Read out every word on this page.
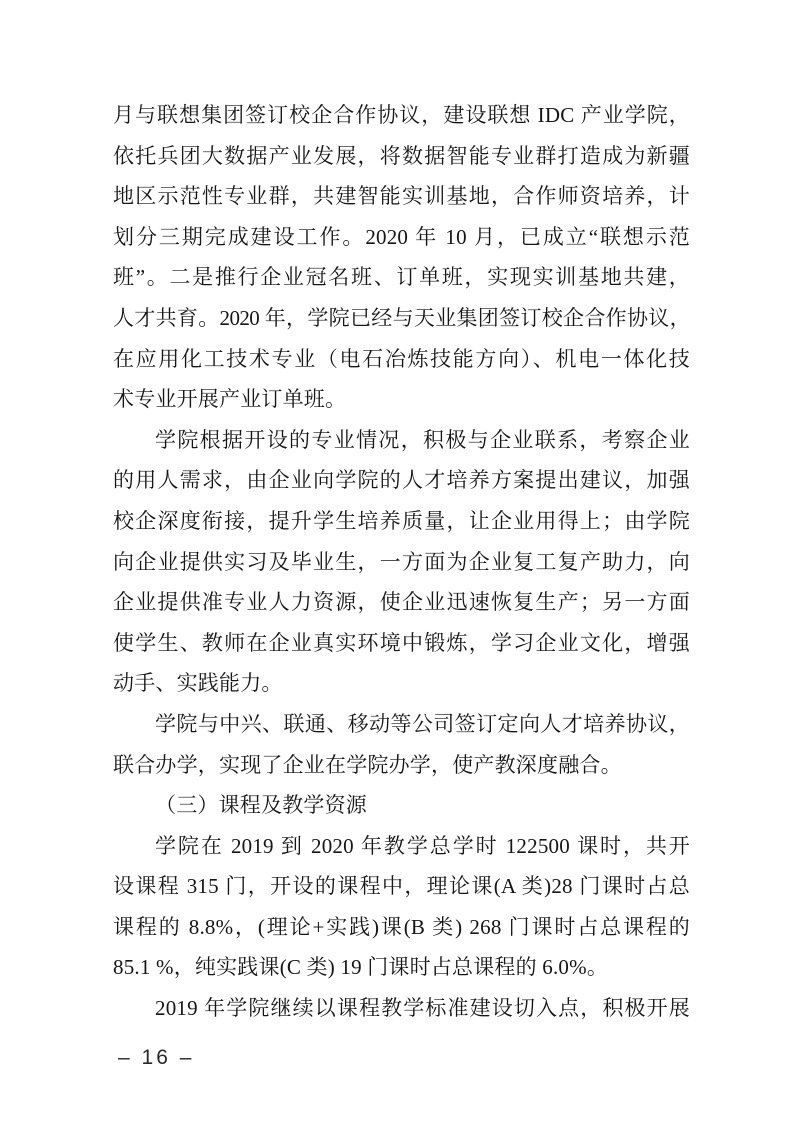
月与联想集团签订校企合作协议，建设联想 IDC 产业学院，
依托兵团大数据产业发展，将数据智能专业群打造成为新疆
地区示范性专业群，共建智能实训基地，合作师资培养，计
划分三期完成建设工作。2020 年 10 月，已成立“联想示范
班”。二是推行企业冠名班、订单班，实现实训基地共建，
人才共育。2020 年，学院已经与天业集团签订校企合作协议，
在应用化工技术专业（电石冶炼技能方向）、机电一体化技
术专业开展产业订单班。
学院根据开设的专业情况，积极与企业联系，考察企业
的用人需求，由企业向学院的人才培养方案提出建议，加强
校企深度衔接，提升学生培养质量，让企业用得上；由学院
向企业提供实习及毕业生，一方面为企业复工复产助力，向
企业提供准专业人力资源，使企业迅速恢复生产；另一方面
使学生、教师在企业真实环境中锻炼，学习企业文化，增强
动手、实践能力。
学院与中兴、联通、移动等公司签订定向人才培养协议，
联合办学，实现了企业在学院办学，使产教深度融合。
（三）课程及教学资源
学院在 2019 到 2020 年教学总学时 122500 课时，共开
设课程 315 门，开设的课程中，理论课(A 类)28 门课时占总
课程的 8.8%，(理论+实践)课(B 类) 268 门课时占总课程的
85.1 %，纯实践课(C 类) 19 门课时占总课程的 6.0%。
2019 年学院继续以课程教学标准建设切入点，积极开展
– 16 –
